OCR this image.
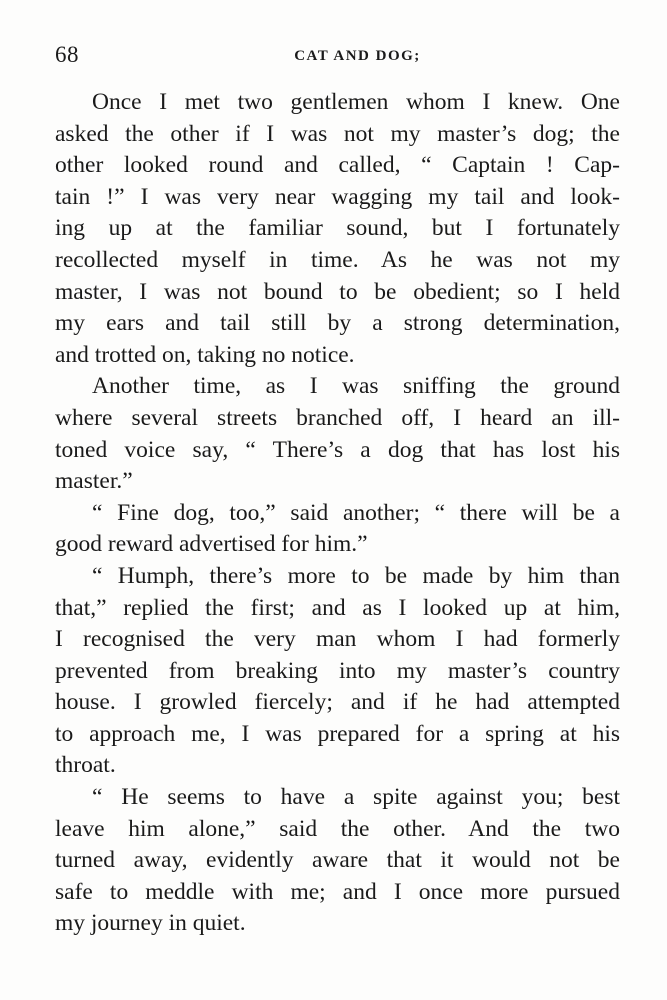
68	CAT AND DOG;

Once I met two gentlemen whom I knew. One
asked the other if I was not my master’s dog; the
other looked round and called, “ Captain ! Cap-
tain !” I was very near wagging my tail and look-
ing up at the familiar sound, but I fortunately
recollected myself in time. As he was not my
master, I was not bound to be obedient; so I held
my ears and tail still by a strong determination,
and trotted on, taking no notice.

Another time, as I was sniffing the ground
where several streets branched off, I heard an ill-
toned voice say, “ There’s a dog that has lost his
master.”

“ Fine dog, too,” said another; “ there will be a
good reward advertised for him.”

“ Humph, there’s more to be made by him than
that,” replied the first; and as I looked up at him,
I recognised the very man whom I had formerly
prevented from breaking into my master’s country
house. I growled fiercely; and if he had attempted
to approach me, I was prepared for a spring at his
throat.

“ He seems to have a spite against you; best
leave him alone,” said the other. And the two
turned away, evidently aware that it would not be
safe to meddle with me; and I once more pursued
my journey in quiet.
